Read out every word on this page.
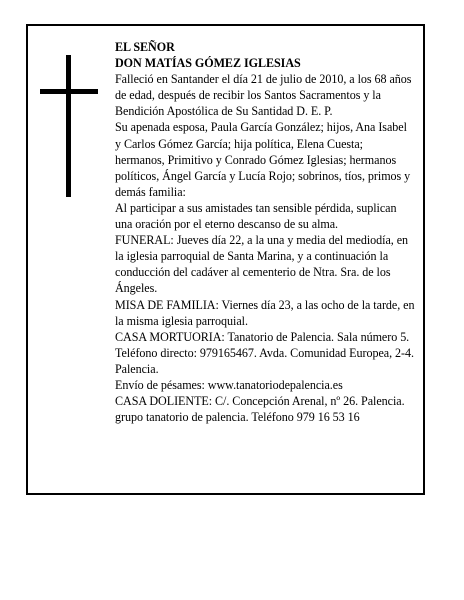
EL SEÑOR

DON MATÍAS GÓMEZ IGLESIAS

Falleció en Santander el día 21 de julio de 2010, a los 68 años de edad, después de recibir los Santos Sacramentos y la Bendición Apostólica de Su Santidad D. E. P.

Su apenada esposa, Paula García González; hijos, Ana Isabel y Carlos Gómez García; hija política, Elena Cuesta; hermanos, Primitivo y Conrado Gómez Iglesias; hermanos políticos, Ángel García y Lucía Rojo; sobrinos, tíos, primos y demás familia:

Al participar a sus amistades tan sensible pérdida, suplican una oración por el eterno descanso de su alma.

FUNERAL: Jueves día 22, a la una y media del mediodía, en la iglesia parroquial de Santa Marina, y a continuación la conducción del cadáver al cementerio de Ntra. Sra. de los Ángeles.

MISA DE FAMILIA: Viernes día 23, a las ocho de la tarde, en la misma iglesia parroquial.

CASA MORTUORIA: Tanatorio de Palencia. Sala número 5. Teléfono directo: 979165467. Avda. Comunidad Europea, 2-4. Palencia.

Envío de pésames: www.tanatoriodepalencia.es

CASA DOLIENTE: C/. Concepción Arenal, nº 26. Palencia.

grupo tanatorio de palencia. Teléfono 979 16 53 16
